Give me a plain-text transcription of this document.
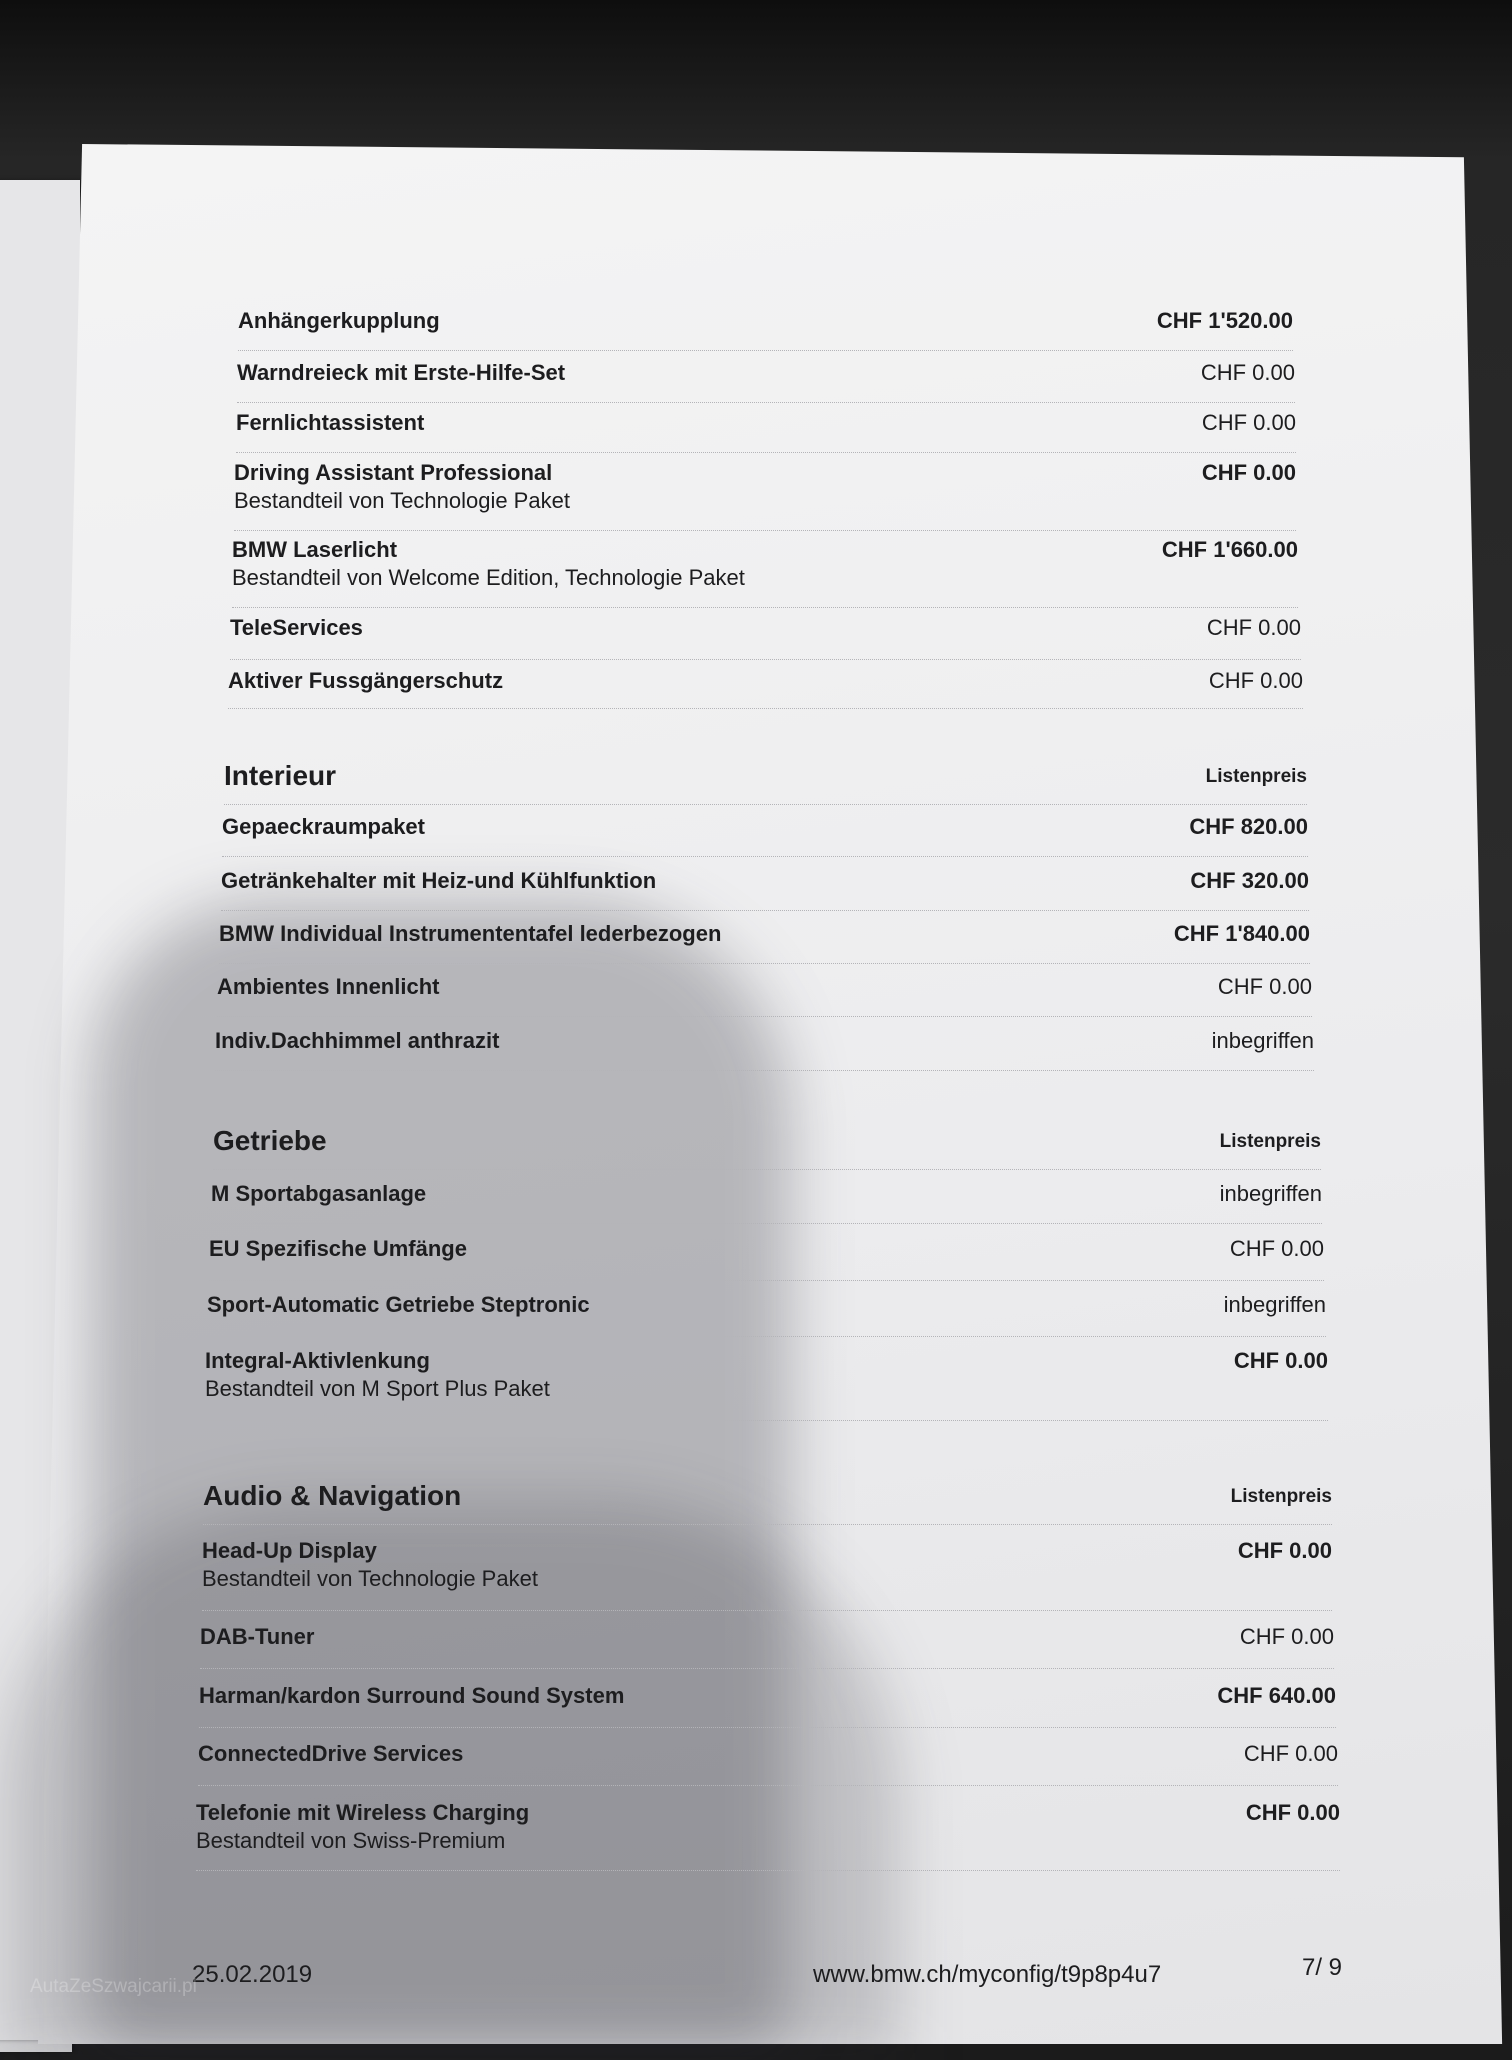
Anhängerkupplung	CHF 1'520.00
Warndreieck mit Erste-Hilfe-Set	CHF 0.00
Fernlichtassistent	CHF 0.00
Driving Assistant Professional
Bestandteil von Technologie Paket
CHF 0.00
BMW Laserlicht
Bestandteil von Welcome Edition, Technologie Paket
CHF 1'660.00
TeleServices	CHF 0.00
Aktiver Fussgängerschutz	CHF 0.00
Interieur	Listenpreis
Gepaeckraumpaket	CHF 820.00
Getränkehalter mit Heiz-und Kühlfunktion	CHF 320.00
BMW Individual Instrumententafel lederbezogen	CHF 1'840.00
Ambientes Innenlicht	CHF 0.00
Indiv.Dachhimmel anthrazit	inbegriffen
Getriebe	Listenpreis
M Sportabgasanlage	inbegriffen
EU Spezifische Umfänge	CHF 0.00
Sport-Automatic Getriebe Steptronic	inbegriffen
Integral-Aktivlenkung
Bestandteil von M Sport Plus Paket
CHF 0.00
Audio & Navigation	Listenpreis
Head-Up Display
Bestandteil von Technologie Paket
CHF 0.00
DAB-Tuner	CHF 0.00
Harman/kardon Surround Sound System	CHF 640.00
ConnectedDrive Services	CHF 0.00
Telefonie mit Wireless Charging
Bestandteil von Swiss-Premium
CHF 0.00
25.02.2019	www.bmw.ch/myconfig/t9p8p4u7	7/ 9
AutaZeSzwajcarii.pl
